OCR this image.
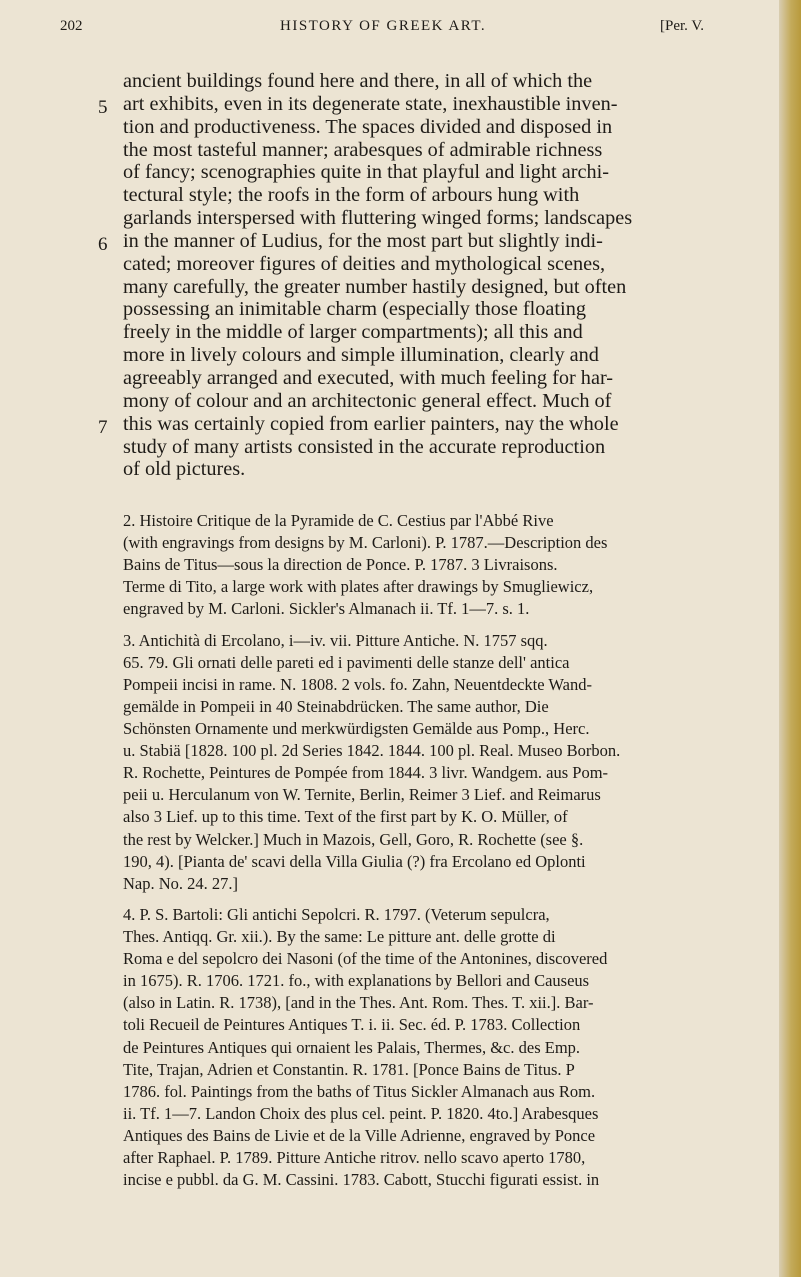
202	HISTORY OF GREEK ART.	[Per. V.
5
6
7
ancient buildings found here and there, in all of which the
art exhibits, even in its degenerate state, inexhaustible inven-
tion and productiveness. The spaces divided and disposed in
the most tasteful manner; arabesques of admirable richness
of fancy; scenographies quite in that playful and light archi-
tectural style; the roofs in the form of arbours hung with
garlands interspersed with fluttering winged forms; landscapes
in the manner of Ludius, for the most part but slightly indi-
cated; moreover figures of deities and mythological scenes,
many carefully, the greater number hastily designed, but often
possessing an inimitable charm (especially those floating
freely in the middle of larger compartments); all this and
more in lively colours and simple illumination, clearly and
agreeably arranged and executed, with much feeling for har-
mony of colour and an architectonic general effect. Much of
this was certainly copied from earlier painters, nay the whole
study of many artists consisted in the accurate reproduction
of old pictures.
2. Histoire Critique de la Pyramide de C. Cestius par l'Abbé Rive
(with engravings from designs by M. Carloni). P. 1787.—Description des
Bains de Titus—sous la direction de Ponce. P. 1787. 3 Livraisons.
Terme di Tito, a large work with plates after drawings by Smugliewicz,
engraved by M. Carloni. Sickler's Almanach ii. Tf. 1—7. s. 1.
3. Antichità di Ercolano, i—iv. vii. Pitture Antiche. N. 1757 sqq.
65. 79. Gli ornati delle pareti ed i pavimenti delle stanze dell' antica
Pompeii incisi in rame. N. 1808. 2 vols. fo. Zahn, Neuentdeckte Wand-
gemälde in Pompeii in 40 Steinabdrücken. The same author, Die
Schönsten Ornamente und merkwürdigsten Gemälde aus Pomp., Herc.
u. Stabiä [1828. 100 pl. 2d Series 1842. 1844. 100 pl. Real. Museo Borbon.
R. Rochette, Peintures de Pompée from 1844. 3 livr. Wandgem. aus Pom-
peii u. Herculanum von W. Ternite, Berlin, Reimer 3 Lief. and Reimarus
also 3 Lief. up to this time. Text of the first part by K. O. Müller, of
the rest by Welcker.] Much in Mazois, Gell, Goro, R. Rochette (see §.
190, 4). [Pianta de' scavi della Villa Giulia (?) fra Ercolano ed Oplonti
Nap. No. 24. 27.]
4. P. S. Bartoli: Gli antichi Sepolcri. R. 1797. (Veterum sepulcra,
Thes. Antiqq. Gr. xii.). By the same: Le pitture ant. delle grotte di
Roma e del sepolcro dei Nasoni (of the time of the Antonines, discovered
in 1675). R. 1706. 1721. fo., with explanations by Bellori and Causeus
(also in Latin. R. 1738), [and in the Thes. Ant. Rom. Thes. T. xii.]. Bar-
toli Recueil de Peintures Antiques T. i. ii. Sec. éd. P. 1783. Collection
de Peintures Antiques qui ornaient les Palais, Thermes, &c. des Emp.
Tite, Trajan, Adrien et Constantin. R. 1781. [Ponce Bains de Titus. P
1786. fol. Paintings from the baths of Titus Sickler Almanach aus Rom.
ii. Tf. 1—7. Landon Choix des plus cel. peint. P. 1820. 4to.] Arabesques
Antiques des Bains de Livie et de la Ville Adrienne, engraved by Ponce
after Raphael. P. 1789. Pitture Antiche ritrov. nello scavo aperto 1780,
incise e pubbl. da G. M. Cassini. 1783. Cabott, Stucchi figurati essist. in
